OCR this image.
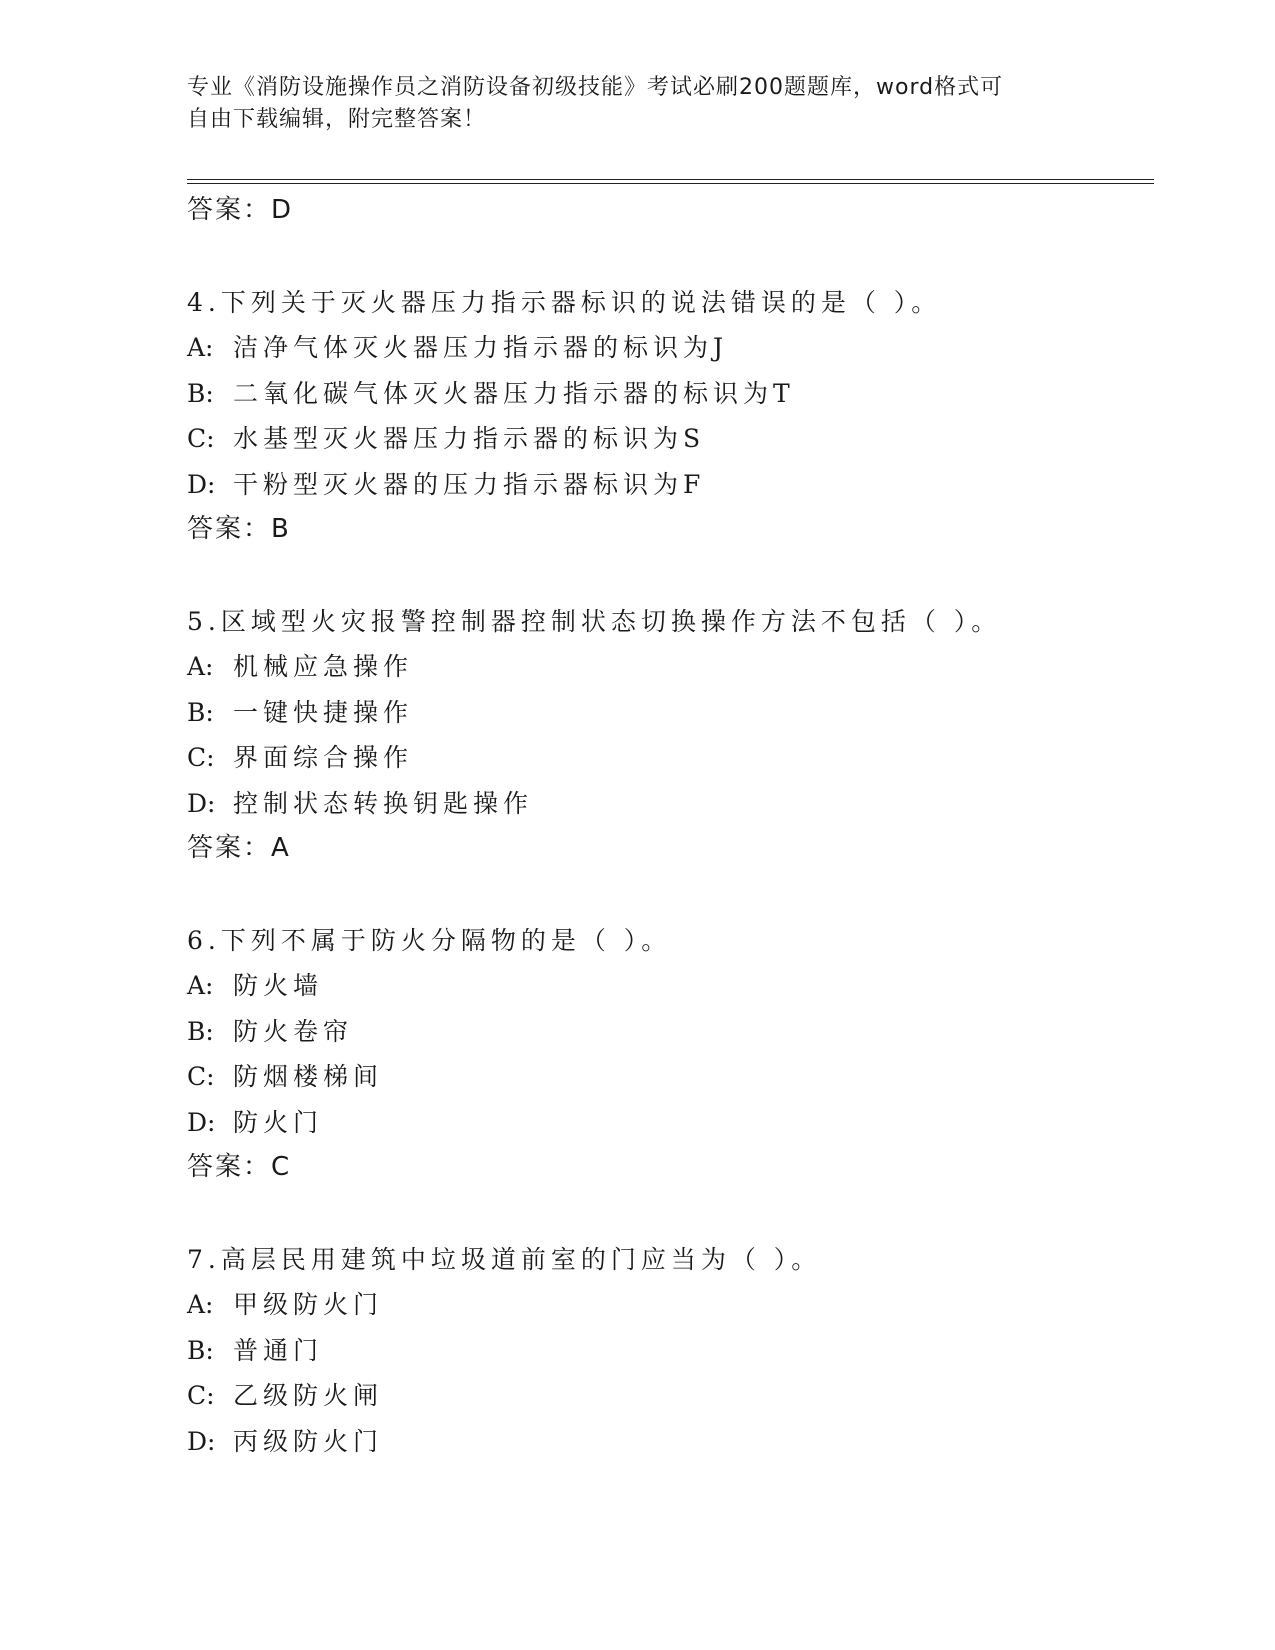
专业《消防设施操作员之消防设备初级技能》考试必刷200题题库，word格式可
自由下载编辑，附完整答案！
答案：D
4.下列关于灭火器压力指示器标识的说法错误的是（ ）。
A: 洁净气体灭火器压力指示器的标识为J
B: 二氧化碳气体灭火器压力指示器的标识为T
C: 水基型灭火器压力指示器的标识为S
D: 干粉型灭火器的压力指示器标识为F
答案：B
5.区域型火灾报警控制器控制状态切换操作方法不包括（ ）。
A: 机械应急操作
B: 一键快捷操作
C: 界面综合操作
D: 控制状态转换钥匙操作
答案：A
6.下列不属于防火分隔物的是（ ）。
A: 防火墙
B: 防火卷帘
C: 防烟楼梯间
D: 防火门
答案：C
7.高层民用建筑中垃圾道前室的门应当为（ ）。
A: 甲级防火门
B: 普通门
C: 乙级防火闸
D: 丙级防火门
